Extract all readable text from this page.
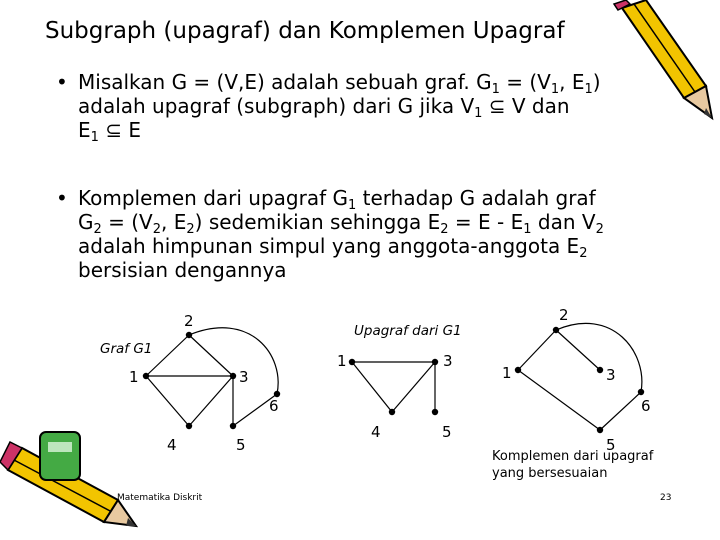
Subgraph (upagraf) dan Komplemen Upagraf
• Misalkan G = (V,E) adalah sebuah graf. $G_1 = (V_1$, $E_1$)
adalah upagraf (subgraph) dari G jika $V_1$ ⊆ V dan
$E_1$ ⊆ E
• Komplemen dari upagraf $G_1$ terhadap G adalah graf
$G_2 = (V_2$, $E_2$) sedemikian sehingga $E_2 = E - E_1$ dan $V_2$
adalah himpunan simpul yang anggota-anggota $E_2$
bersisian dengannya
Graf G1
1
2
3
4	5
6
Upagraf dari G1
1	3
4	5
1
2
3
5
6
Komplemen dari upagraf
yang bersesuaian
Matematika Diskrit	23
